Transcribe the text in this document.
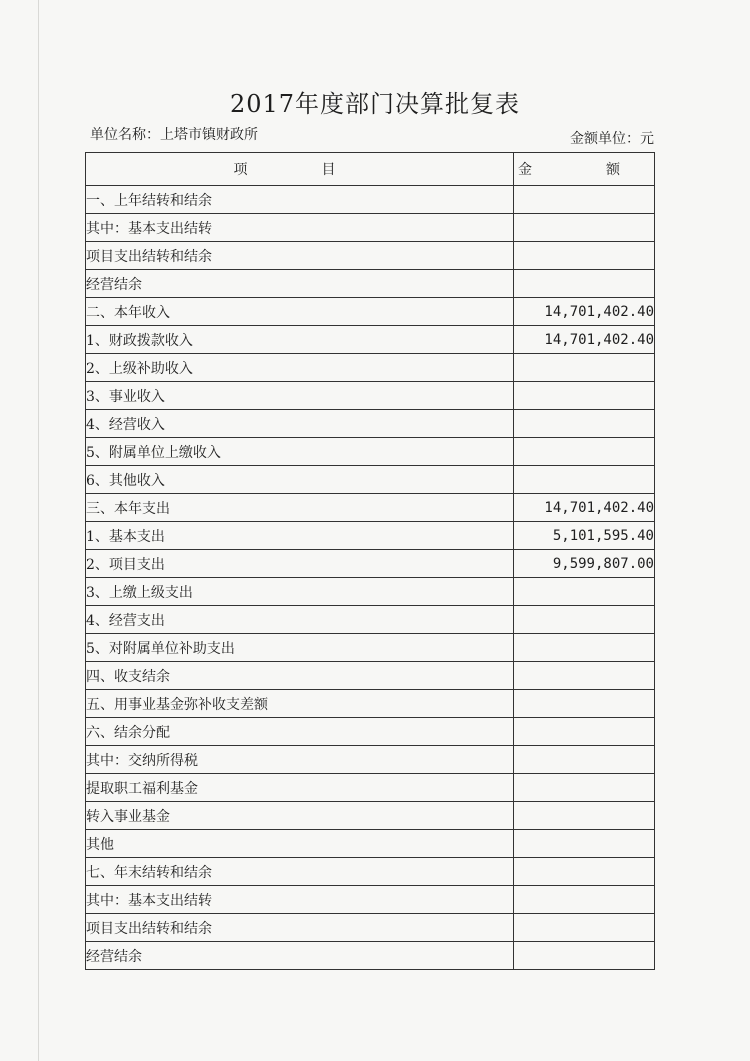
2017年度部门决算批复表
单位名称：上塔市镇财政所	金额单位：元
项　目	金　额
一、上年结转和结余	
其中：基本支出结转	
项目支出结转和结余	
经营结余	
二、本年收入	14,701,402.40
1、财政拨款收入	14,701,402.40
2、上级补助收入	
3、事业收入	
4、经营收入	
5、附属单位上缴收入	
6、其他收入	
三、本年支出	14,701,402.40
1、基本支出	5,101,595.40
2、项目支出	9,599,807.00
3、上缴上级支出	
4、经营支出	
5、对附属单位补助支出	
四、收支结余	
五、用事业基金弥补收支差额	
六、结余分配	
其中：交纳所得税	
提取职工福利基金	
转入事业基金	
其他	
七、年末结转和结余	
其中：基本支出结转	
项目支出结转和结余	
经营结余	
